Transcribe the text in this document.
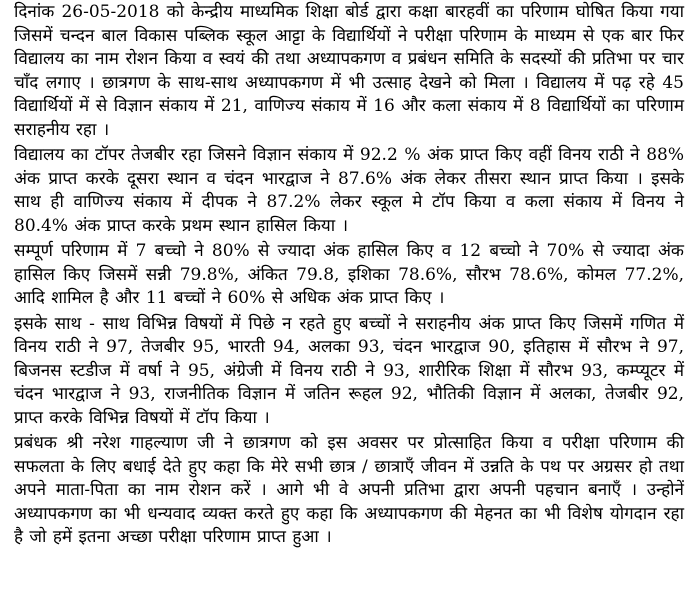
दिनांक 26-05-2018 को केन्द्रीय माध्यमिक शिक्षा बोर्ड द्वारा कक्षा बारहवीं का परिणाम घोषित किया गया जिसमें चन्दन बाल विकास पब्लिक स्कूल आट्टा के विद्यार्थियों ने परीक्षा परिणाम के माध्यम से एक बार फिर विद्यालय का नाम रोशन किया व स्वयं की तथा अध्यापकगण व प्रबंधन समिति के सदस्यों की प्रतिभा पर चार चाँद लगाए । छात्रगण के साथ-साथ अध्यापकगण में भी उत्साह देखने को मिला । विद्यालय में पढ़ रहे 45 विद्यार्थियों में से विज्ञान संकाय में 21, वाणिज्य संकाय में 16 और कला संकाय में 8 विद्यार्थियों का परिणाम सराहनीय रहा ।

विद्यालय का टॉपर तेजबीर रहा जिसने विज्ञान संकाय में 92.2 % अंक प्राप्त किए वहीं विनय राठी ने 88% अंक प्राप्त करके दूसरा स्थान व चंदन भारद्वाज ने 87.6% अंक लेकर तीसरा स्थान प्राप्त किया । इसके साथ ही वाणिज्य संकाय में दीपक ने 87.2% लेकर स्कूल मे टॉप किया व कला संकाय में विनय ने 80.4% अंक प्राप्त करके प्रथम स्थान हासिल किया ।

सम्पूर्ण परिणाम में 7 बच्चो ने 80% से ज्यादा अंक हासिल किए व 12 बच्चो ने 70% से ज्यादा अंक हासिल किए जिसमें सन्नी 79.8%, अंकित 79.8, इशिका 78.6%, सौरभ 78.6%, कोमल 77.2%, आदि शामिल है और 11 बच्चों ने 60% से अधिक अंक प्राप्त किए ।

इसके साथ - साथ विभिन्न विषयों में पिछे न रहते हुए बच्चों ने सराहनीय अंक प्राप्त किए जिसमें गणित में विनय राठी ने 97, तेजबीर 95, भारती 94, अलका 93, चंदन भारद्वाज 90, इतिहास में सौरभ ने 97, बिजनस स्टडीज में वर्षा ने 95, अंग्रेजी में विनय राठी ने 93, शारीरिक शिक्षा में सौरभ 93, कम्प्यूटर में चंदन भारद्वाज ने 93, राजनीतिक विज्ञान में जतिन रूहल 92, भौतिकी विज्ञान में अलका, तेजबीर 92, प्राप्त करके विभिन्न विषयों में टॉप किया ।

प्रबंधक श्री नरेश गाहल्याण जी ने छात्रगण को इस अवसर पर प्रोत्साहित किया व परीक्षा परिणाम की सफलता के लिए बधाई देते हुए कहा कि मेरे सभी छात्र / छात्राएँ जीवन में उन्नति के पथ पर अग्रसर हो तथा अपने माता-पिता का नाम रोशन करें । आगे भी वे अपनी प्रतिभा द्वारा अपनी पहचान बनाएँ । उन्होनें अध्यापकगण का भी धन्यवाद व्यक्त करते हुए कहा कि अध्यापकगण की मेहनत का भी विशेष योगदान रहा है जो हमें इतना अच्छा परीक्षा परिणाम प्राप्त हुआ ।
